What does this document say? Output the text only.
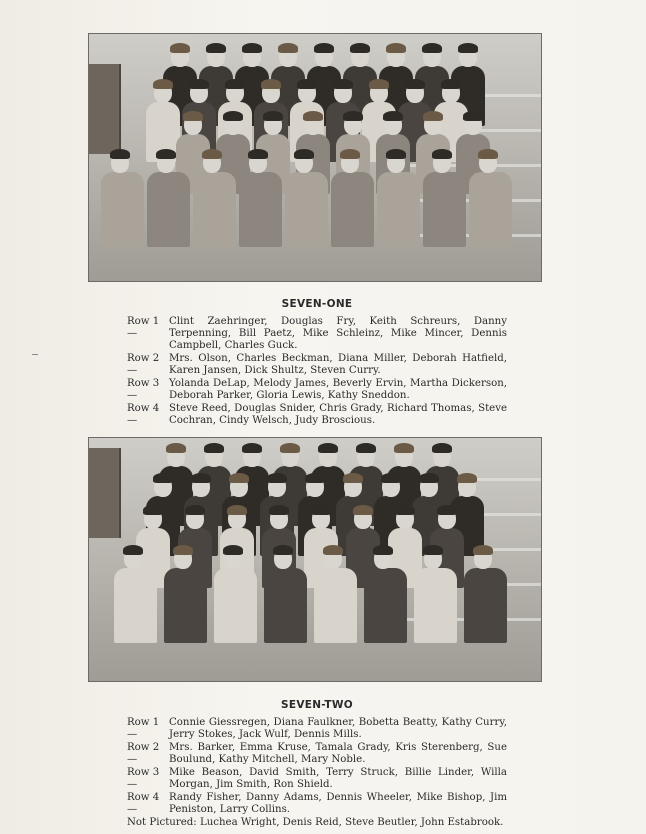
SEVEN-ONE
Row 1—
Clint Zaehringer, Douglas Fry, Keith Schreurs, Danny Terpenning, Bill Paetz, Mike Schleinz, Mike Mincer, Dennis Campbell, Charles Guck.
Row 2—
Mrs. Olson, Charles Beckman, Diana Miller, Deborah Hatfield, Karen Jansen, Dick Shultz, Steven Curry.
Row 3—
Yolanda DeLap, Melody James, Beverly Ervin, Martha Dickerson, Deborah Parker, Gloria Lewis, Kathy Sneddon.
Row 4—
Steve Reed, Douglas Snider, Chris Grady, Richard Thomas, Steve Cochran, Cindy Welsch, Judy Broscious.
SEVEN-TWO
Row 1—
Connie Giessregen, Diana Faulkner, Bobetta Beatty, Kathy Curry, Jerry Stokes, Jack Wulf, Dennis Mills.
Row 2—
Mrs. Barker, Emma Kruse, Tamala Grady, Kris Sterenberg, Sue Boulund, Kathy Mitchell, Mary Noble.
Row 3—
Mike Beason, David Smith, Terry Struck, Billie Linder, Willa Morgan, Jim Smith, Ron Shield.
Row 4—
Randy Fisher, Danny Adams, Dennis Wheeler, Mike Bishop, Jim Peniston, Larry Collins.
Not Pictured: Luchea Wright, Denis Reid, Steve Beutler, John Estabrook.
